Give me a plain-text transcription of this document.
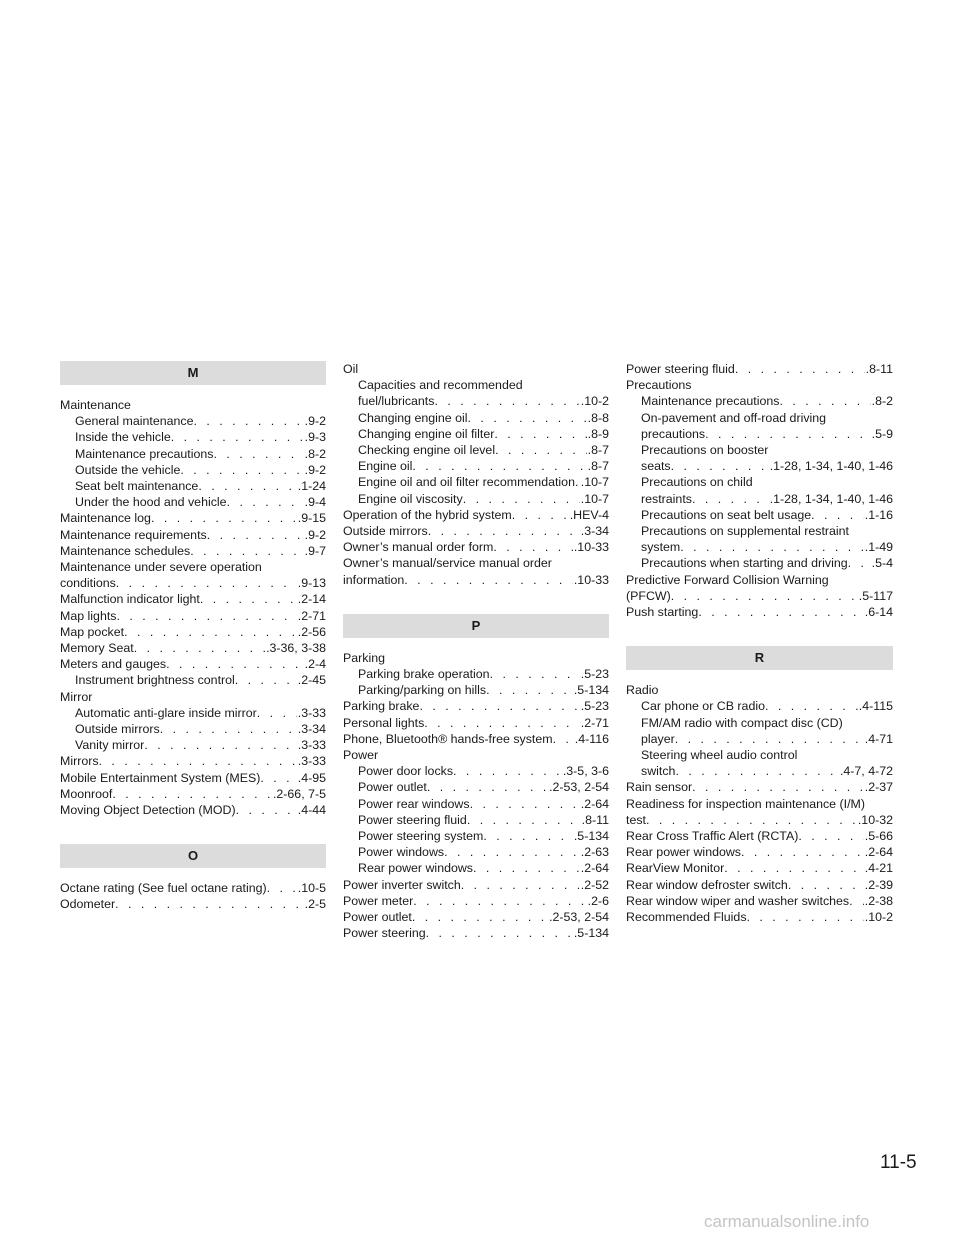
M
Maintenance
General maintenance . . .	.9-2
Inside the vehicle . . .	.9-3
Maintenance precautions . . .	.8-2
Outside the vehicle . . .	.9-2
Seat belt maintenance . . .	.1-24
Under the hood and vehicle . . .	.9-4
Maintenance log . . .	.9-15
Maintenance requirements . . .	.9-2
Maintenance schedules . . .	.9-7
Maintenance under severe operation
conditions . . .	.9-13
Malfunction indicator light . . .	.2-14
Map lights . . .	.2-71
Map pocket . . .	.2-56
Memory Seat . . .	.3-36, 3-38
Meters and gauges . . .	.2-4
Instrument brightness control . . .	.2-45
Mirror
Automatic anti-glare inside mirror . . .	.3-33
Outside mirrors . . .	.3-34
Vanity mirror . . .	.3-33
Mirrors . . .	.3-33
Mobile Entertainment System (MES) . . .	.4-95
Moonroof . . .	.2-66, 7-5
Moving Object Detection (MOD) . . .	.4-44
O
Octane rating (See fuel octane rating) . . .	.10-5
Odometer . . .	.2-5
Oil
Capacities and recommended
fuel/lubricants . . .	.10-2
Changing engine oil . . .	.8-8
Changing engine oil filter . . .	.8-9
Checking engine oil level . . .	.8-7
Engine oil . . .	.8-7
Engine oil and oil filter recommendation . . . .10-7
Engine oil viscosity . . .	.10-7
Operation of the hybrid system . . .	.HEV-4
Outside mirrors . . .	.3-34
Owner’s manual order form . . .	.10-33
Owner’s manual/service manual order
information . . .	.10-33
P
Parking
Parking brake operation . . .	.5-23
Parking/parking on hills . . .	.5-134
Parking brake . . .	.5-23
Personal lights . . .	.2-71
Phone, Bluetooth® hands-free system . . . .4-116
Power
Power door locks . . .	.3-5, 3-6
Power outlet . . .	.2-53, 2-54
Power rear windows . . .	.2-64
Power steering fluid . . .	.8-11
Power steering system . . .	.5-134
Power windows . . .	.2-63
Rear power windows . . .	.2-64
Power inverter switch . . .	.2-52
Power meter . . .	.2-6
Power outlet . . .	.2-53, 2-54
Power steering . . .	.5-134
Power steering fluid . . .	.8-11
Precautions
Maintenance precautions . . .	.8-2
On-pavement and off-road driving
precautions . . .	.5-9
Precautions on booster
seats . . .	.1-28, 1-34, 1-40, 1-46
Precautions on child
restraints . . .	.1-28, 1-34, 1-40, 1-46
Precautions on seat belt usage . . .	.1-16
Precautions on supplemental restraint
system . . .	.1-49
Precautions when starting and driving . . . .5-4
Predictive Forward Collision Warning
(PFCW) . . .	.5-117
Push starting . . .	.6-14
R
Radio
Car phone or CB radio . . .	.4-115
FM/AM radio with compact disc (CD)
player . . .	.4-71
Steering wheel audio control
switch . . .	.4-7, 4-72
Rain sensor . . .	.2-37
Readiness for inspection maintenance (I/M)
test . . .	.10-32
Rear Cross Traffic Alert (RCTA) . . .	.5-66
Rear power windows . . .	.2-64
RearView Monitor . . .	.4-21
Rear window defroster switch . . .	.2-39
Rear window wiper and washer switches . . . .2-38
Recommended Fluids . . .	.10-2
11-5
carmanualsonline.info
